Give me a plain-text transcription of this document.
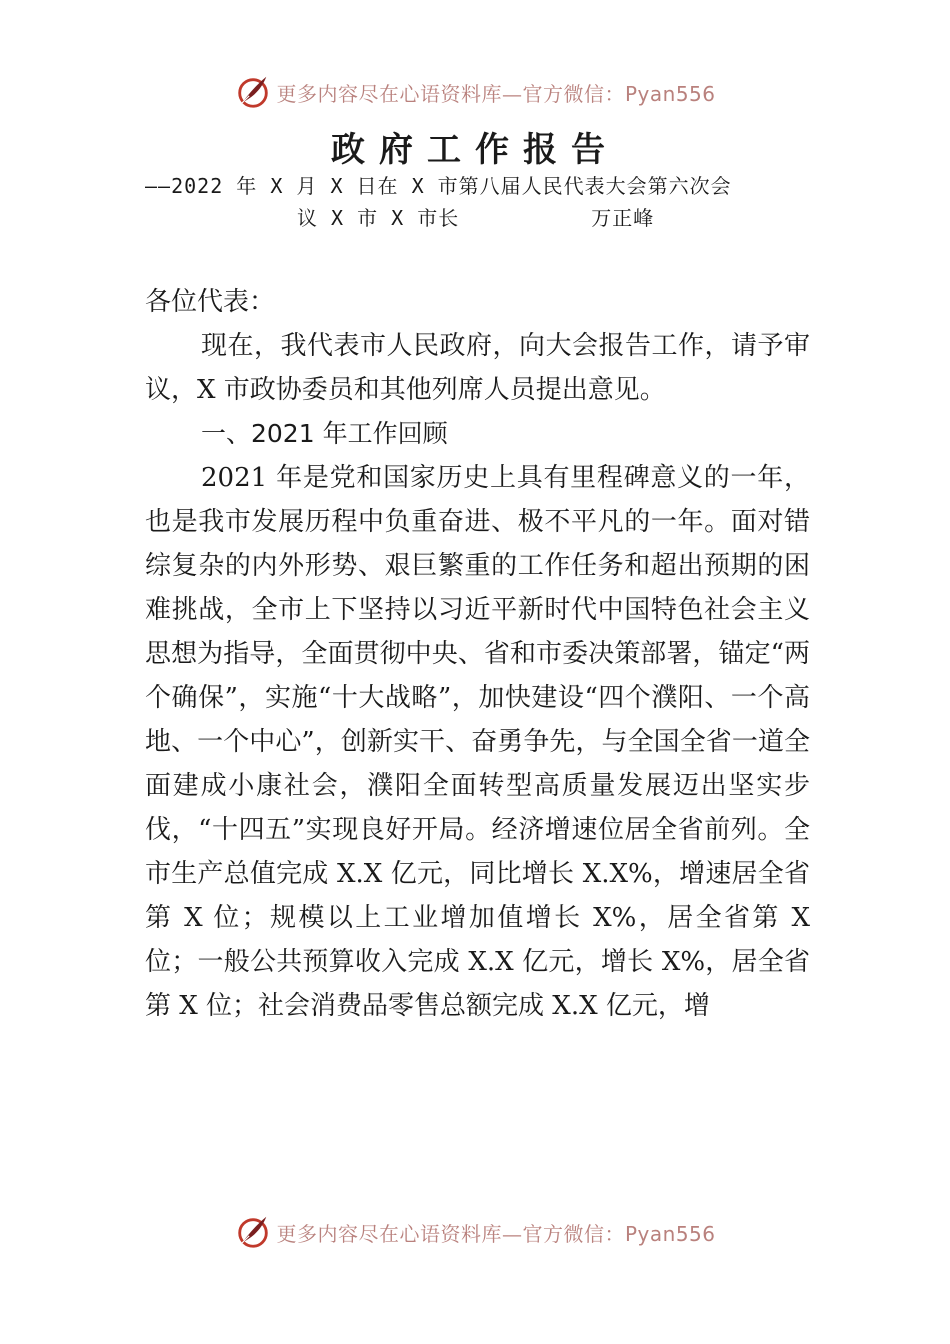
更多内容尽在心语资料库—官方微信：Pyan556
政府工作报告
——2022 年 X 月 X 日在 X 市第八届人民代表大会第六次会
议 X 市 X 市长	万正峰

各位代表：

现在，我代表市人民政府，向大会报告工作，请予审议，X 市政协委员和其他列席人员提出意见。

一、2021 年工作回顾

2021 年是党和国家历史上具有里程碑意义的一年，也是我市发展历程中负重奋进、极不平凡的一年。面对错综复杂的内外形势、艰巨繁重的工作任务和超出预期的困难挑战，全市上下坚持以习近平新时代中国特色社会主义思想为指导，全面贯彻中央、省和市委决策部署，锚定“两个确保”，实施“十大战略”，加快建设“四个濮阳、一个高地、一个中心”，创新实干、奋勇争先，与全国全省一道全面建成小康社会，濮阳全面转型高质量发展迈出坚实步伐，“十四五”实现良好开局。经济增速位居全省前列。全市生产总值完成 X.X 亿元，同比增长 X.X%，增速居全省第 X 位；规模以上工业增加值增长 X%，居全省第 X 位；一般公共预算收入完成 X.X 亿元，增长 X%，居全省第 X 位；社会消费品零售总额完成 X.X 亿元，增

更多内容尽在心语资料库—官方微信：Pyan556
